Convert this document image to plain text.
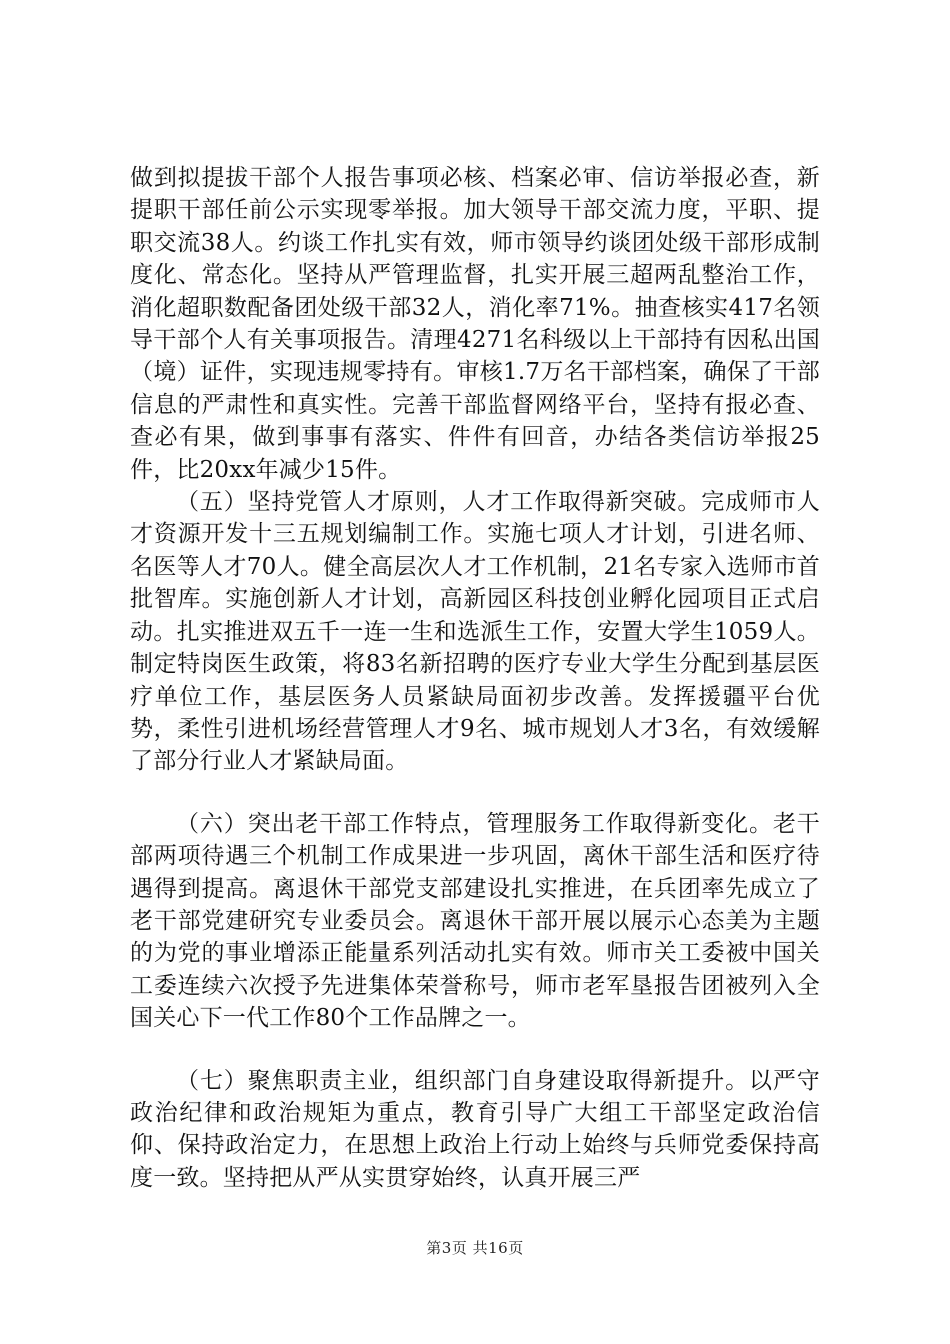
做到拟提拔干部个人报告事项必核、档案必审、信访举报必查，新提职干部任前公示实现零举报。加大领导干部交流力度，平职、提职交流38人。约谈工作扎实有效，师市领导约谈团处级干部形成制度化、常态化。坚持从严管理监督，扎实开展三超两乱整治工作，消化超职数配备团处级干部32人，消化率71%。抽查核实417名领导干部个人有关事项报告。清理4271名科级以上干部持有因私出国（境）证件，实现违规零持有。审核1.7万名干部档案，确保了干部信息的严肃性和真实性。完善干部监督网络平台，坚持有报必查、查必有果，做到事事有落实、件件有回音，办结各类信访举报25件，比20xx年减少15件。

（五）坚持党管人才原则，人才工作取得新突破。完成师市人才资源开发十三五规划编制工作。实施七项人才计划，引进名师、名医等人才70人。健全高层次人才工作机制，21名专家入选师市首批智库。实施创新人才计划，高新园区科技创业孵化园项目正式启动。扎实推进双五千一连一生和选派生工作，安置大学生1059人。制定特岗医生政策，将83名新招聘的医疗专业大学生分配到基层医疗单位工作，基层医务人员紧缺局面初步改善。发挥援疆平台优势，柔性引进机场经营管理人才9名、城市规划人才3名，有效缓解了部分行业人才紧缺局面。

（六）突出老干部工作特点，管理服务工作取得新变化。老干部两项待遇三个机制工作成果进一步巩固，离休干部生活和医疗待遇得到提高。离退休干部党支部建设扎实推进，在兵团率先成立了老干部党建研究专业委员会。离退休干部开展以展示心态美为主题的为党的事业增添正能量系列活动扎实有效。师市关工委被中国关工委连续六次授予先进集体荣誉称号，师市老军垦报告团被列入全国关心下一代工作80个工作品牌之一。

（七）聚焦职责主业，组织部门自身建设取得新提升。以严守政治纪律和政治规矩为重点，教育引导广大组工干部坚定政治信仰、保持政治定力，在思想上政治上行动上始终与兵师党委保持高度一致。坚持把从严从实贯穿始终，认真开展三严

第3页 共16页
